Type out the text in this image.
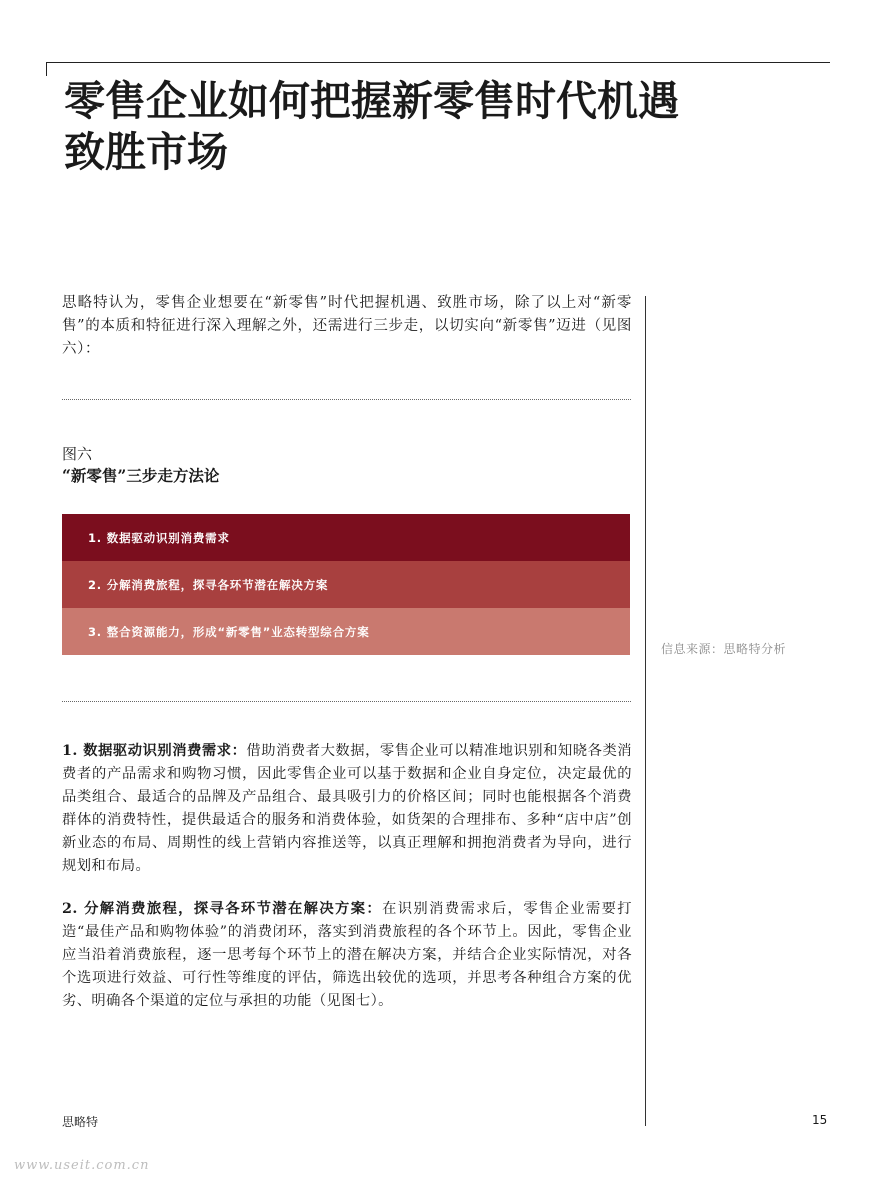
零售企业如何把握新零售时代机遇
致胜市场

思略特认为，零售企业想要在“新零售”时代把握机遇、致胜市场，除了以上对“新零售”的本质和特征进行深入理解之外，还需进行三步走，以切实向“新零售”迈进（见图六）：

图六

“新零售”三步走方法论

1. 数据驱动识别消费需求
2. 分解消费旅程，探寻各环节潜在解决方案
3. 整合资源能力，形成“新零售”业态转型综合方案
信息来源：思略特分析

1. 数据驱动识别消费需求：借助消费者大数据，零售企业可以精准地识别和知晓各类消费者的产品需求和购物习惯，因此零售企业可以基于数据和企业自身定位，决定最优的品类组合、最适合的品牌及产品组合、最具吸引力的价格区间；同时也能根据各个消费群体的消费特性，提供最适合的服务和消费体验，如货架的合理排布、多种“店中店”创新业态的布局、周期性的线上营销内容推送等，以真正理解和拥抱消费者为导向，进行规划和布局。

2. 分解消费旅程，探寻各环节潜在解决方案：在识别消费需求后，零售企业需要打造“最佳产品和购物体验”的消费闭环，落实到消费旅程的各个环节上。因此，零售企业应当沿着消费旅程，逐一思考每个环节上的潜在解决方案，并结合企业实际情况，对各个选项进行效益、可行性等维度的评估，筛选出较优的选项，并思考各种组合方案的优劣、明确各个渠道的定位与承担的功能（见图七）。

思略特	15
www.useit.com.cn
